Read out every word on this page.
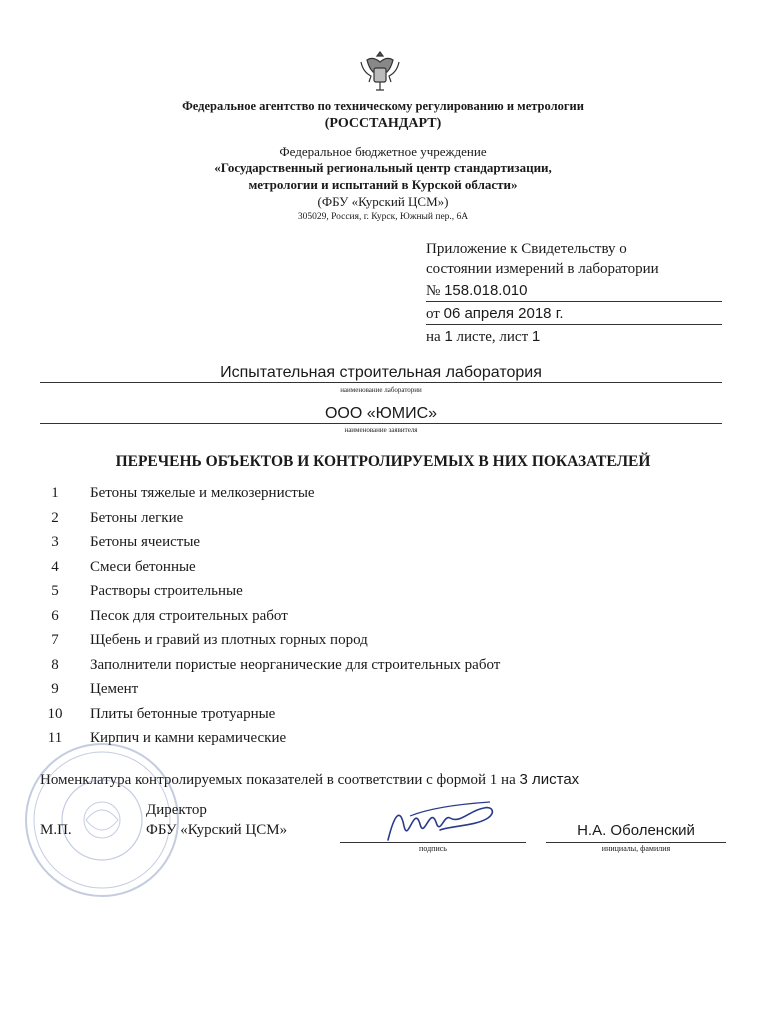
Федеральное агентство по техническому регулированию и метрологии
(РОССТАНДАРТ)
Федеральное бюджетное учреждение
«Государственный региональный центр стандартизации,
метрологии и испытаний в Курской области»
(ФБУ «Курский ЦСМ»)
305029, Россия, г. Курск, Южный пер., 6А
Приложение к Свидетельству о
состоянии измерений в лаборатории
№ 158.018.010
от 06 апреля 2018 г.
на 1 листе, лист 1
Испытательная строительная лаборатория
наименование лаборатории
ООО «ЮМИС»
наименование заявителя
ПЕРЕЧЕНЬ ОБЪЕКТОВ И КОНТРОЛИРУЕМЫХ В НИХ ПОКАЗАТЕЛЕЙ
1	Бетоны тяжелые и мелкозернистые
2	Бетоны легкие
3	Бетоны ячеистые
4	Смеси бетонные
5	Растворы строительные
6	Песок для строительных работ
7	Щебень и гравий из плотных горных пород
8	Заполнители пористые неорганические для строительных работ
9	Цемент
10	Плиты бетонные тротуарные
11	Кирпич и камни керамические
Номенклатура контролируемых показателей в соответствии с формой 1 на 3 листах
Директор
М.П.	ФБУ «Курский ЦСМ»
подпись
Н.А. Оболенский
инициалы, фамилия
